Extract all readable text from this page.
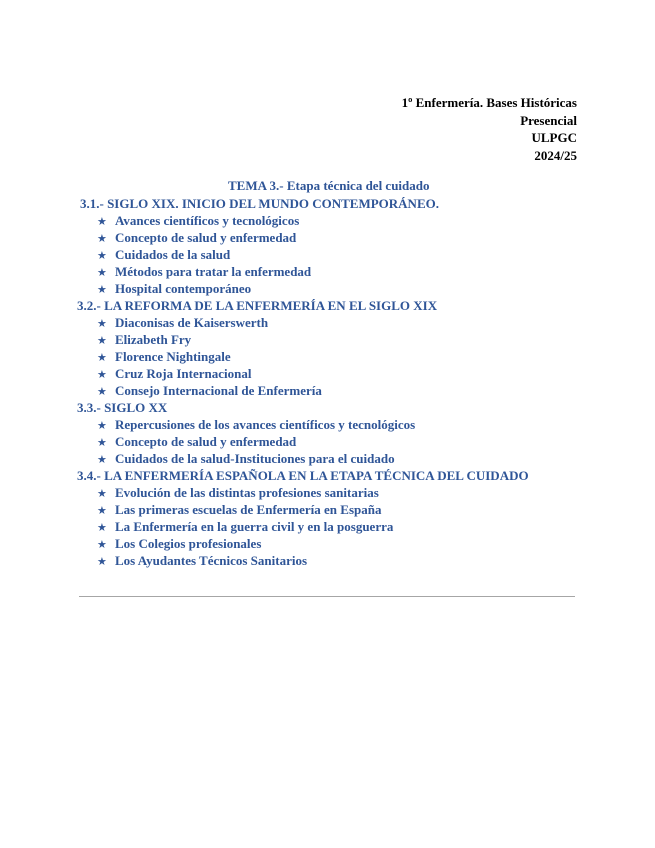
1º Enfermería. Bases Históricas
Presencial
ULPGC
2024/25
TEMA 3.- Etapa técnica del cuidado
3.1.- SIGLO XIX. INICIO DEL MUNDO CONTEMPORÁNEO.
★ Avances científicos y tecnológicos
★ Concepto de salud y enfermedad
★ Cuidados de la salud
★ Métodos para tratar la enfermedad
★ Hospital contemporáneo
3.2.- LA REFORMA DE LA ENFERMERÍA EN EL SIGLO XIX
★ Diaconisas de Kaiserswerth
★ Elizabeth Fry
★ Florence Nightingale
★ Cruz Roja Internacional
★ Consejo Internacional de Enfermería
3.3.- SIGLO XX
★ Repercusiones de los avances científicos y tecnológicos
★ Concepto de salud y enfermedad
★ Cuidados de la salud-Instituciones para el cuidado
3.4.- LA ENFERMERÍA ESPAÑOLA EN LA ETAPA TÉCNICA DEL CUIDADO
★ Evolución de las distintas profesiones sanitarias
★ Las primeras escuelas de Enfermería en España
★ La Enfermería en la guerra civil y en la posguerra
★ Los Colegios profesionales
★ Los Ayudantes Técnicos Sanitarios
